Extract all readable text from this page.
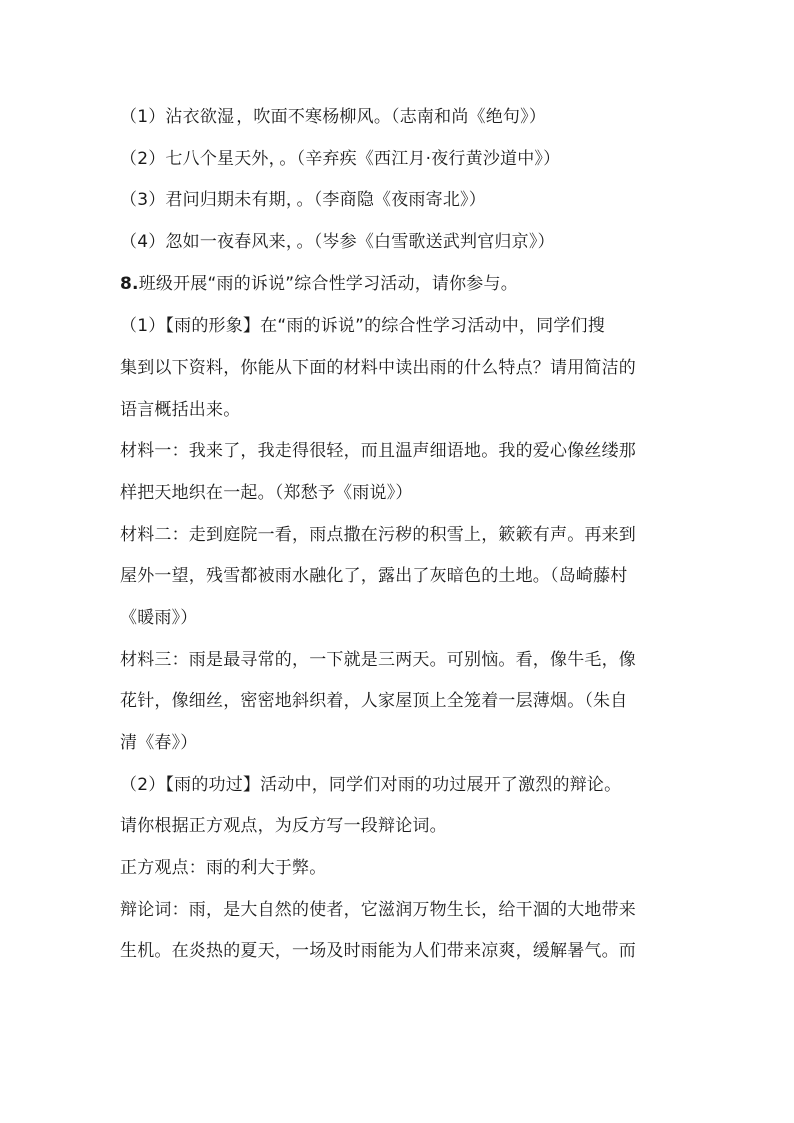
（1）沾衣欲湿 ，吹面不寒杨柳风。（志南和尚《绝句》）
（2）七八个星天外， 。（辛弃疾《西江月·夜行黄沙道中》）
（3）君问归期未有期， 。（李商隐《夜雨寄北》）
（4）忽如一夜春风来， 。（岑参《白雪歌送武判官归京》）
8.班级开展“雨的诉说”综合性学习活动，请你参与。
（1）【雨的形象】在“雨的诉说”的综合性学习活动中，同学们搜
集到以下资料，你能从下面的材料中读出雨的什么特点？请用简洁的
语言概括出来。
材料一：我来了，我走得很轻，而且温声细语地。我的爱心像丝缕那
样把天地织在一起。（郑愁予《雨说》）
材料二：走到庭院一看，雨点撒在污秽的积雪上，簌簌有声。再来到
屋外一望，残雪都被雨水融化了，露出了灰暗色的土地。（岛崎藤村
《暖雨》）
材料三：雨是最寻常的，一下就是三两天。可别恼。看，像牛毛，像
花针，像细丝，密密地斜织着，人家屋顶上全笼着一层薄烟。（朱自
清《春》）
（2）【雨的功过】活动中，同学们对雨的功过展开了激烈的辩论。
请你根据正方观点，为反方写一段辩论词。
正方观点：雨的利大于弊。
辩论词：雨，是大自然的使者，它滋润万物生长，给干涸的大地带来
生机。在炎热的夏天，一场及时雨能为人们带来凉爽，缓解暑气。而
